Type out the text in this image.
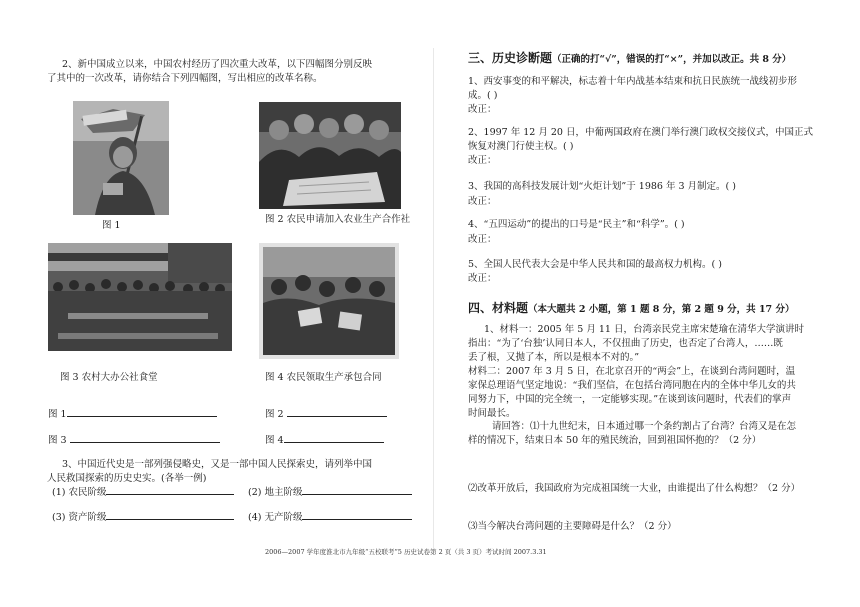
2、新中国成立以来，中国农村经历了四次重大改革，以下四幅图分别反映
了其中的一次改革，请你结合下列四幅图，写出相应的改革名称。
图 1
图 2 农民申请加入农业生产合作社
图 3 农村大办公社食堂	图 4 农民领取生产承包合同
图 1	图 2
图 3	图 4
3、中国近代史是一部列强侵略史，又是一部中国人民探索史，请列举中国
人民救国探索的历史史实。(各举一例)
(1) 农民阶级	(2) 地主阶级
(3) 资产阶级	(4) 无产阶级
三、历史诊断题（正确的打“√”，错误的打“×”，并加以改正。共 8 分）
1、西安事变的和平解决，标志着十年内战基本结束和抗日民族统一战线初步形
成。( )
改正：
2、1997 年 12 月 20 日，中葡两国政府在澳门举行澳门政权交接仪式，中国正式
恢复对澳门行使主权。( )
改正：
3、我国的高科技发展计划“火炬计划”于 1986 年 3 月制定。( )
改正：
4、“五四运动”的提出的口号是“民主”和“科学”。( )
改正：
5、全国人民代表大会是中华人民共和国的最高权力机构。( )
改正：
四、材料题（本大题共 2 小题，第 1 题 8 分，第 2 题 9 分，共 17 分）
1、材料一：2005 年 5 月 11 日，台湾亲民党主席宋楚瑜在清华大学演讲时
指出：“为了‘台独’认同日本人，不仅扭曲了历史，也否定了台湾人，……既
丢了根，又抛了本，所以是根本不对的。”
材料二：2007 年 3 月 5 日，在北京召开的“两会”上，在谈到台湾问题时，温
家保总理语气坚定地说：“我们坚信，在包括台湾同胞在内的全体中华儿女的共
同努力下，中国的完全统一，一定能够实现。”在谈到该问题时，代表们的掌声
时间最长。
请回答：⑴十九世纪末，日本通过哪一个条约割占了台湾？台湾又是在怎
样的情况下，结束日本 50 年的殖民统治，回到祖国怀抱的？（2 分）
⑵改革开放后，我国政府为完成祖国统一大业，由谁提出了什么构想？（2 分）
⑶当今解决台湾问题的主要障碍是什么？（2 分）
2006—2007 学年度淮北市九年级“五校联考”5 历史试卷第 2 页（共 3 页）考试时间 2007.3.31
